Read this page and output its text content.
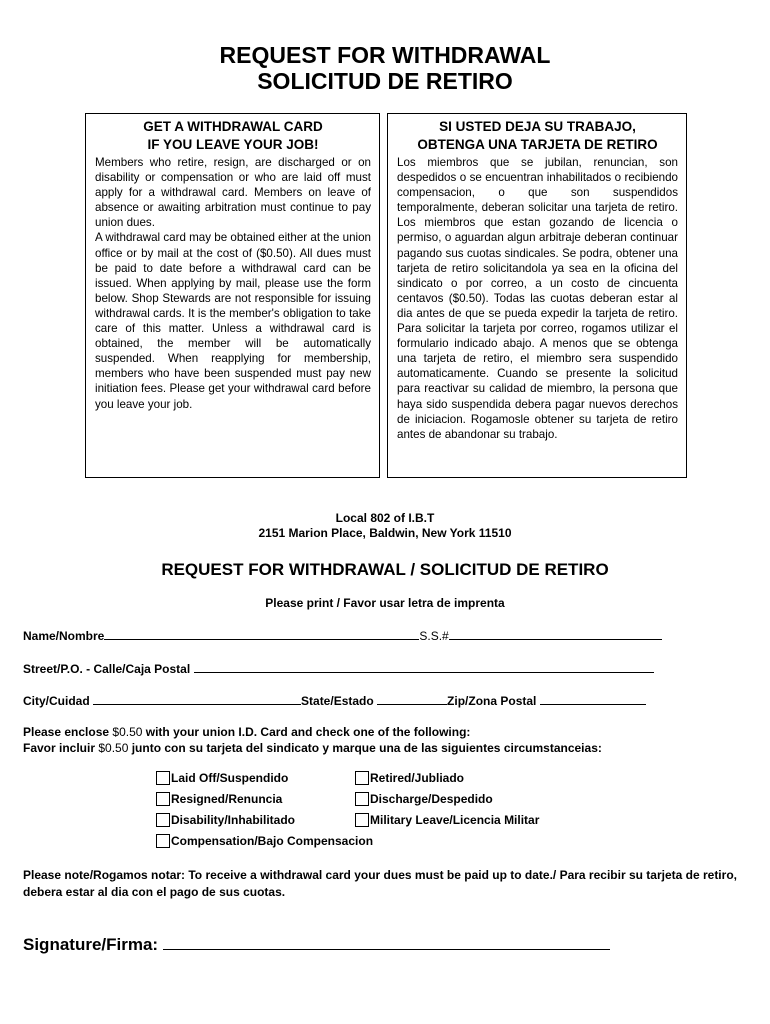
REQUEST FOR WITHDRAWAL
SOLICITUD DE RETIRO
GET A WITHDRAWAL CARD
IF YOU LEAVE YOUR JOB!

Members who retire, resign, are discharged or on disability or compensation or who are laid off must apply for a withdrawal card. Members on leave of absence or awaiting arbitration must continue to pay union dues.

A withdrawal card may be obtained either at the union office or by mail at the cost of ($0.50). All dues must be paid to date before a withdrawal card can be issued. When applying by mail, please use the form below. Shop Stewards are not responsible for issuing withdrawal cards. It is the member's obligation to take care of this matter. Unless a withdrawal card is obtained, the member will be automatically suspended. When reapplying for membership, members who have been suspended must pay new initiation fees. Please get your withdrawal card before you leave your job.

SI USTED DEJA SU TRABAJO,
OBTENGA UNA TARJETA DE RETIRO

Los miembros que se jubilan, renuncian, son despedidos o se encuentran inhabilitados o recibiendo compensacion, o que son suspendidos temporalmente, deberan solicitar una tarjeta de retiro. Los miembros que estan gozando de licencia o permiso, o aguardan algun arbitraje deberan continuar pagando sus cuotas sindicales. Se podra, obtener una tarjeta de retiro solicitandola ya sea en la oficina del sindicato o por correo, a un costo de cincuenta centavos ($0.50). Todas las cuotas deberan estar al dia antes de que se pueda expedir la tarjeta de retiro. Para solicitar la tarjeta por correo, rogamos utilizar el formulario indicado abajo. A menos que se obtenga una tarjeta de retiro, el miembro sera suspendido automaticamente. Cuando se presente la solicitud para reactivar su calidad de miembro, la persona que haya sido suspendida debera pagar nuevos derechos de iniciacion. Rogamosle obtener su tarjeta de retiro antes de abandonar su trabajo.

Local 802 of I.B.T
2151 Marion Place, Baldwin, New York 11510
REQUEST FOR WITHDRAWAL / SOLICITUD DE RETIRO
Please print / Favor usar letra de imprenta
Name/Nombre	S.S.#
Street/P.O. - Calle/Caja Postal
City/Cuidad	State/Estado	Zip/Zona Postal
Please enclose $0.50 with your union I.D. Card and check one of the following:
Favor incluir $0.50 junto con su tarjeta del sindicato y marque una de las siguientes circumstanceias:
Laid Off/Suspendido	Retired/Jubliado
Resigned/Renuncia	Discharge/Despedido
Disability/Inhabilitado	Military Leave/Licencia Militar
Compensation/Bajo Compensacion
Please note/Rogamos notar: To receive a withdrawal card your dues must be paid up to date./ Para recibir su tarjeta de retiro, debera estar al dia con el pago de sus cuotas.
Signature/Firma:
